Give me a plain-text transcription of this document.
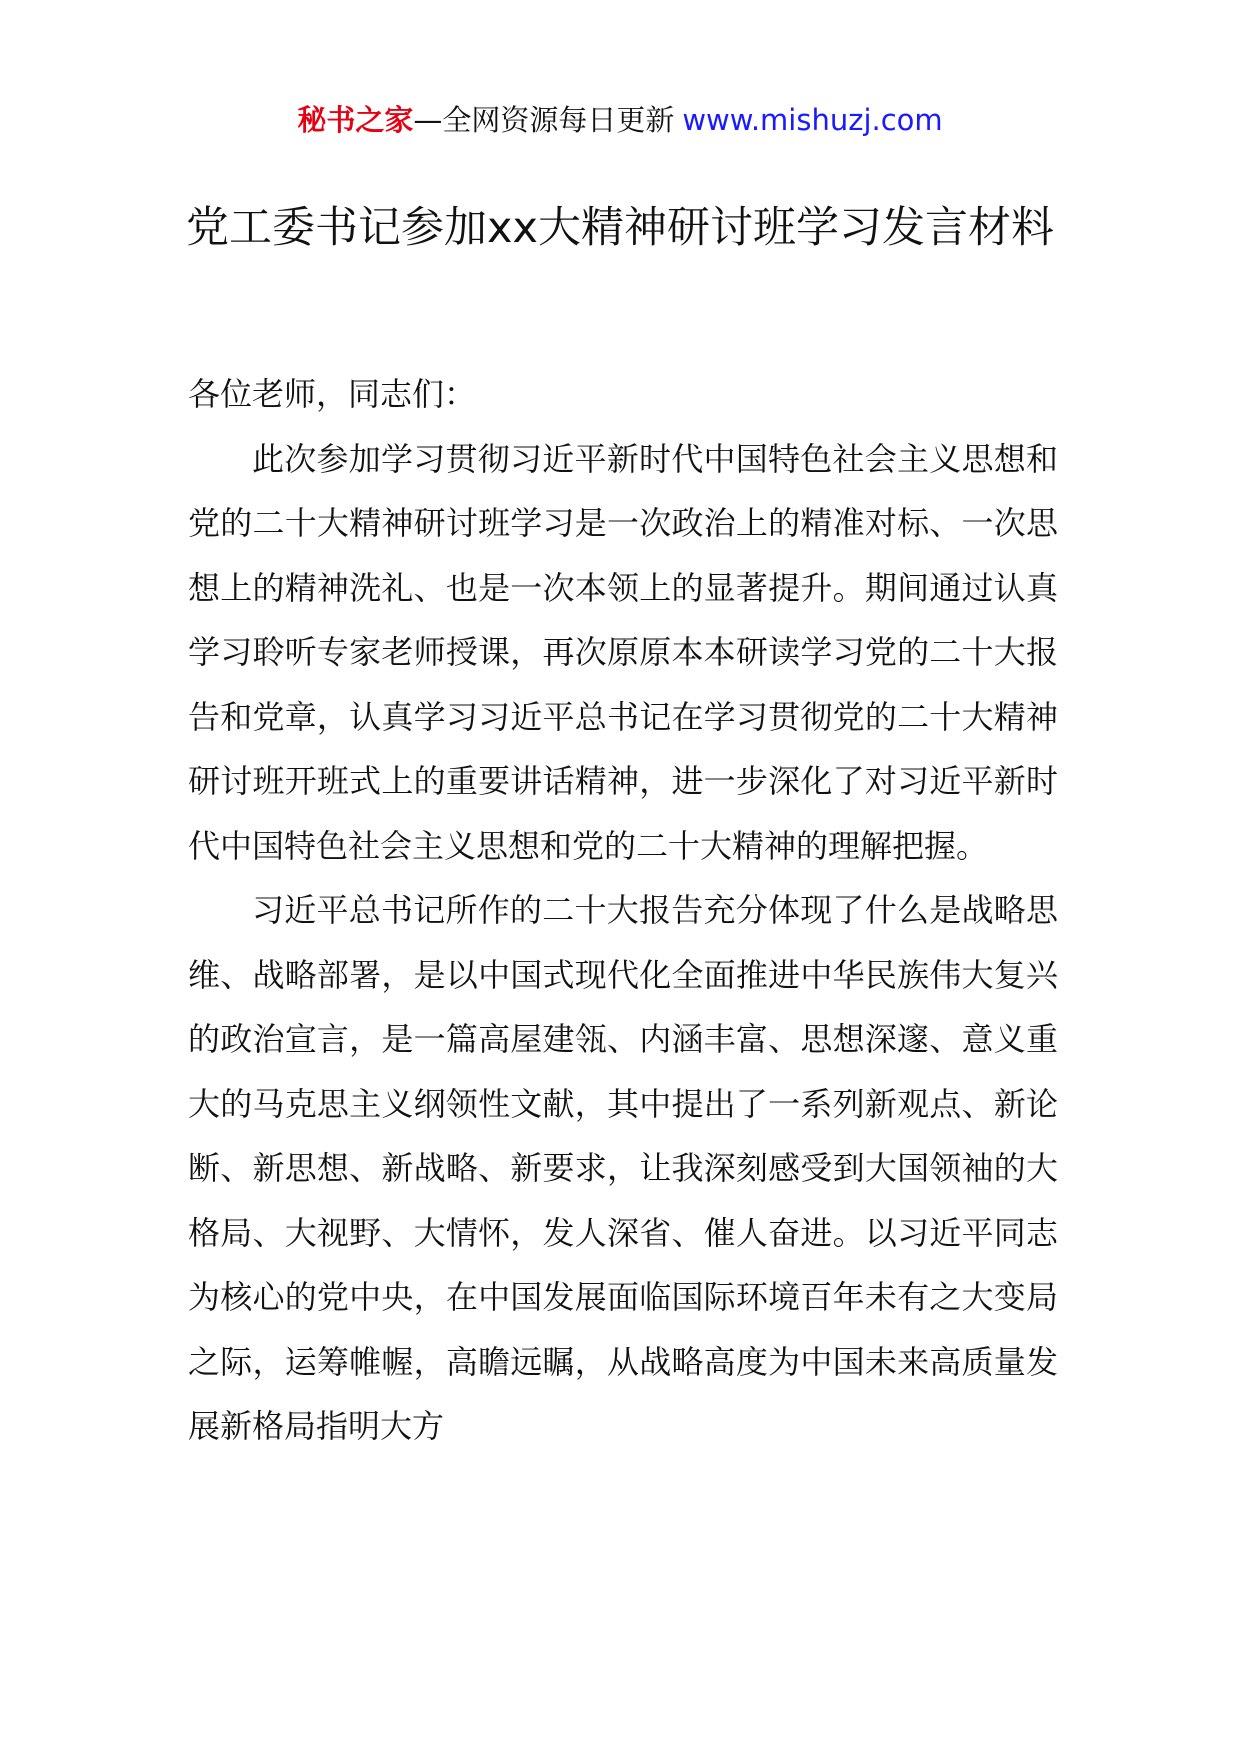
秘书之家—全网资源每日更新 www.mishuzj.com
党工委书记参加xx大精神研讨班学习发言材料

各位老师，同志们：

此次参加学习贯彻习近平新时代中国特色社会主义思想和党的二十大精神研讨班学习是一次政治上的精准对标、一次思想上的精神洗礼、也是一次本领上的显著提升。期间通过认真学习聆听专家老师授课，再次原原本本研读学习党的二十大报告和党章，认真学习习近平总书记在学习贯彻党的二十大精神研讨班开班式上的重要讲话精神，进一步深化了对习近平新时代中国特色社会主义思想和党的二十大精神的理解把握。

习近平总书记所作的二十大报告充分体现了什么是战略思维、战略部署，是以中国式现代化全面推进中华民族伟大复兴的政治宣言，是一篇高屋建瓴、内涵丰富、思想深邃、意义重大的马克思主义纲领性文献，其中提出了一系列新观点、新论断、新思想、新战略、新要求，让我深刻感受到大国领袖的大格局、大视野、大情怀，发人深省、催人奋进。以习近平同志为核心的党中央，在中国发展面临国际环境百年未有之大变局之际，运筹帷幄，高瞻远瞩，从战略高度为中国未来高质量发展新格局指明大方
